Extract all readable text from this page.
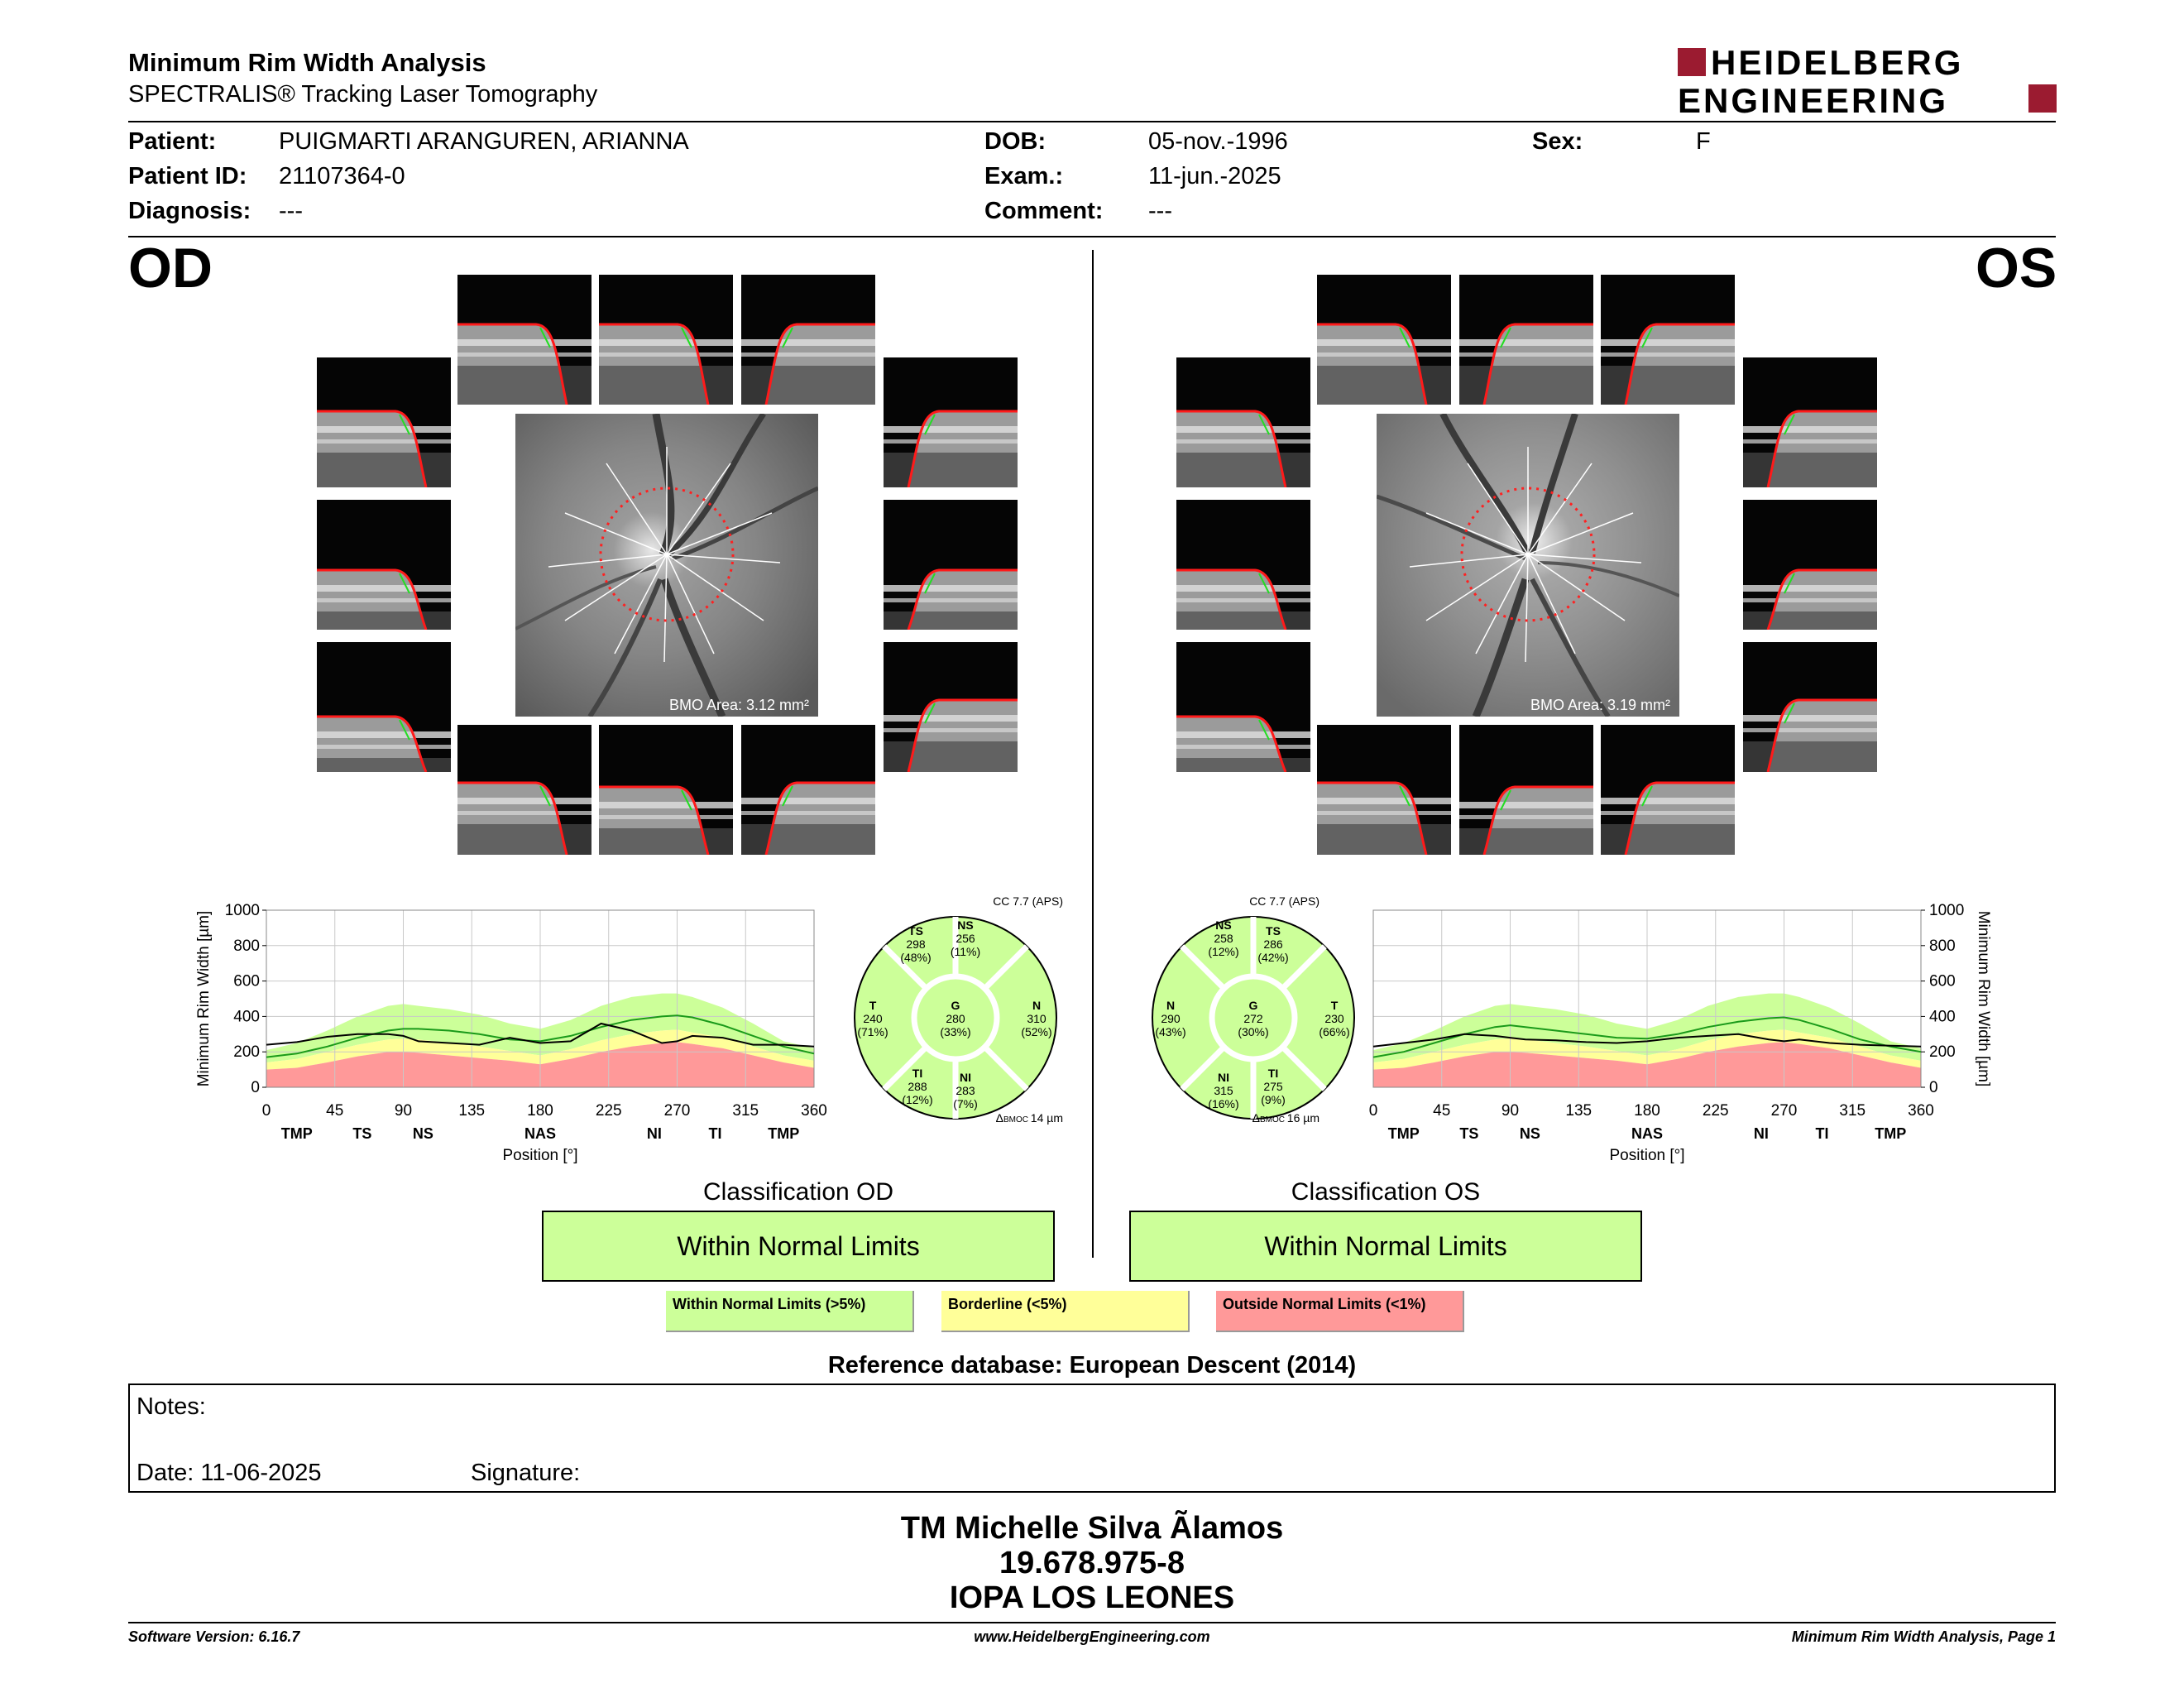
Minimum Rim Width Analysis
SPECTRALIS® Tracking Laser Tomography
HEIDELBERG
ENGINEERING
Patient:	PUIGMARTI ARANGUREN, ARIANNA
Patient ID: 21107364-0
Diagnosis: ---
DOB:	05-nov.-1996
Exam.:	11-jun.-2025
Comment: ---
Sex:	F
OD	OS
BMO Area: 3.12 mm²	BMO Area: 3.19 mm²
0
200
400
600
800
1000
0	45	90	135	180	225	270	315	360
TMP	TS	NS	NAS	NI	TI	TMP
Position [°]
Minimum Rim Width [µm]
0
200
400
600
800
1000
0	45	90	135	180	225	270	315	360
TMP	TS	NS	NAS	NI	TI	TMP
Position [°]
Minimum Rim Width [µm]
TS
298
(48%)
NS
256
(11%)
T
240
(71%)
G
280
(33%)
N
310
(52%)
TI
288
(12%)
NI
283
(7%)
CC 7.7 (APS)
ΔBMOC 14 µm
NS
258
(12%)
TS
286
(42%)
N
290
(43%)
G
272
(30%)
T
230
(66%)
NI
315
(16%)
TI
275
(9%)
CC 7.7 (APS)
ΔBMOC 16 µm
Classification OD
Within Normal Limits
Classification OS
Within Normal Limits
Within Normal Limits (>5%)	Borderline (<5%)	Outside Normal Limits (<1%)
Reference database: European Descent (2014)
Notes:
Date: 11-06-2025	Signature:
TM Michelle Silva Ãlamos
19.678.975-8
IOPA LOS LEONES
Software Version: 6.16.7	www.HeidelbergEngineering.com	Minimum Rim Width Analysis, Page 1
